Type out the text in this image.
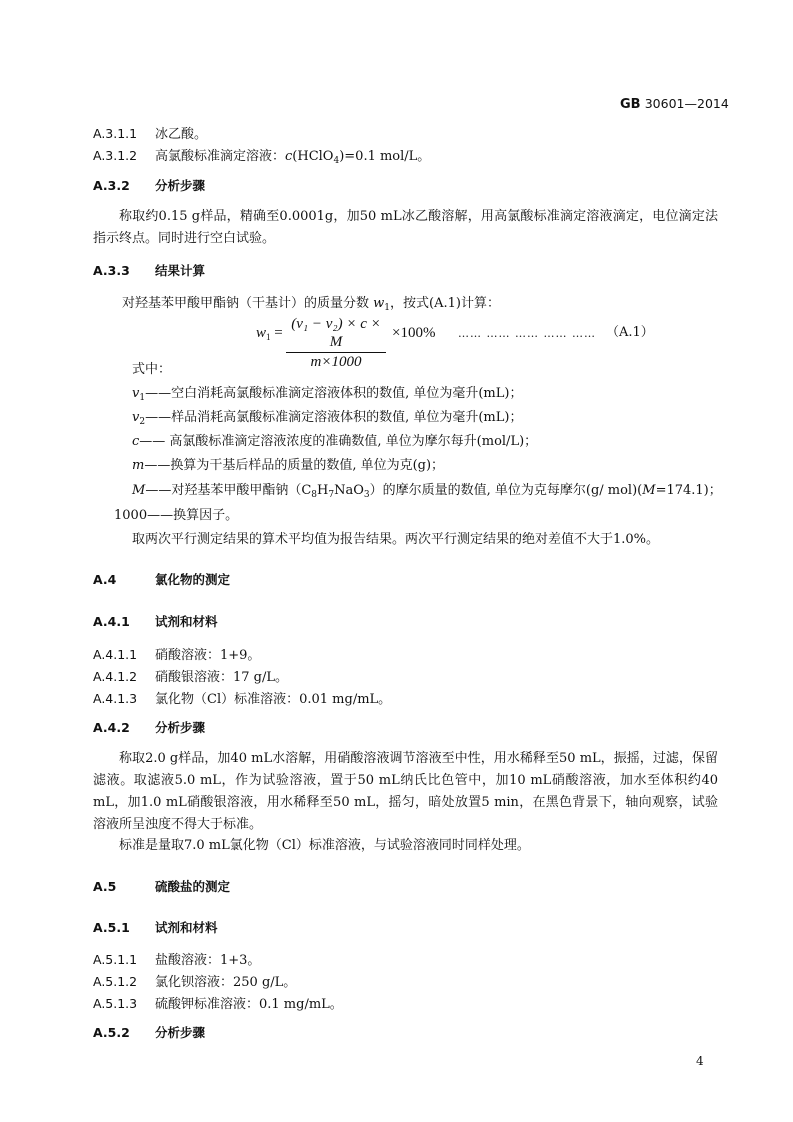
GB 30601—2014
A.3.1.1 冰乙酸。
A.3.1.2 高氯酸标准滴定溶液：c(HClO$_4$)=0.1 mol/L。
A.3.2 分析步骤
称取约0.15 g样品，精确至0.0001g，加50 mL冰乙酸溶解，用高氯酸标准滴定溶液滴定，电位滴定法指示终点。同时进行空白试验。
A.3.3 结果计算
对羟基苯甲酸甲酯钠（干基计）的质量分数 $w_1$，按式(A.1)计算：
$w_1 = \frac{\text{(v₁ − v₂) × c × M}}{m\times 1000} \times 100\%$ …… …… …… …… …… （A.1）
式中：
$v_1——$空白消耗高氯酸标准滴定溶液体积的数值, 单位为毫升(mL)；
$v_2——$样品消耗高氯酸标准滴定溶液体积的数值, 单位为毫升(mL)；
c—— 高氯酸标准滴定溶液浓度的准确数值, 单位为摩尔每升(mol/L)；
m——换算为干基后样品的质量的数值, 单位为克(g)；
M——对羟基苯甲酸甲酯钠$(C_8H_7NaO_3)$的摩尔质量的数值, 单位为克每摩尔(g/ mol)(M=174.1)；
1000——换算因子。
取两次平行测定结果的算术平均值为报告结果。两次平行测定结果的绝对差值不大于1.0%。
A.4	氯化物的测定
A.4.1 试剂和材料
A.4.1.1 硝酸溶液：1+9。
A.4.1.2 硝酸银溶液：17 g/L。
A.4.1.3 氯化物（Cl）标准溶液：0.01 mg/mL。
A.4.2 分析步骤
称取2.0 g样品，加40 mL水溶解，用硝酸溶液调节溶液至中性，用水稀释至50 mL，振摇，过滤，保留滤液。取滤液5.0 mL，作为试验溶液，置于50 mL纳氏比色管中，加10 mL硝酸溶液，加水至体积约40 mL，加1.0 mL硝酸银溶液，用水稀释至50 mL，摇匀，暗处放置5 min，在黑色背景下，轴向观察，试验溶液所呈浊度不得大于标准。
标准是量取7.0 mL氯化物（Cl）标准溶液，与试验溶液同时同样处理。
A.5	硫酸盐的测定
A.5.1 试剂和材料
A.5.1.1 盐酸溶液：1+3。
A.5.1.2 氯化钡溶液：250 g/L。
A.5.1.3 硫酸钾标准溶液：0.1 mg/mL。
A.5.2 分析步骤
4
